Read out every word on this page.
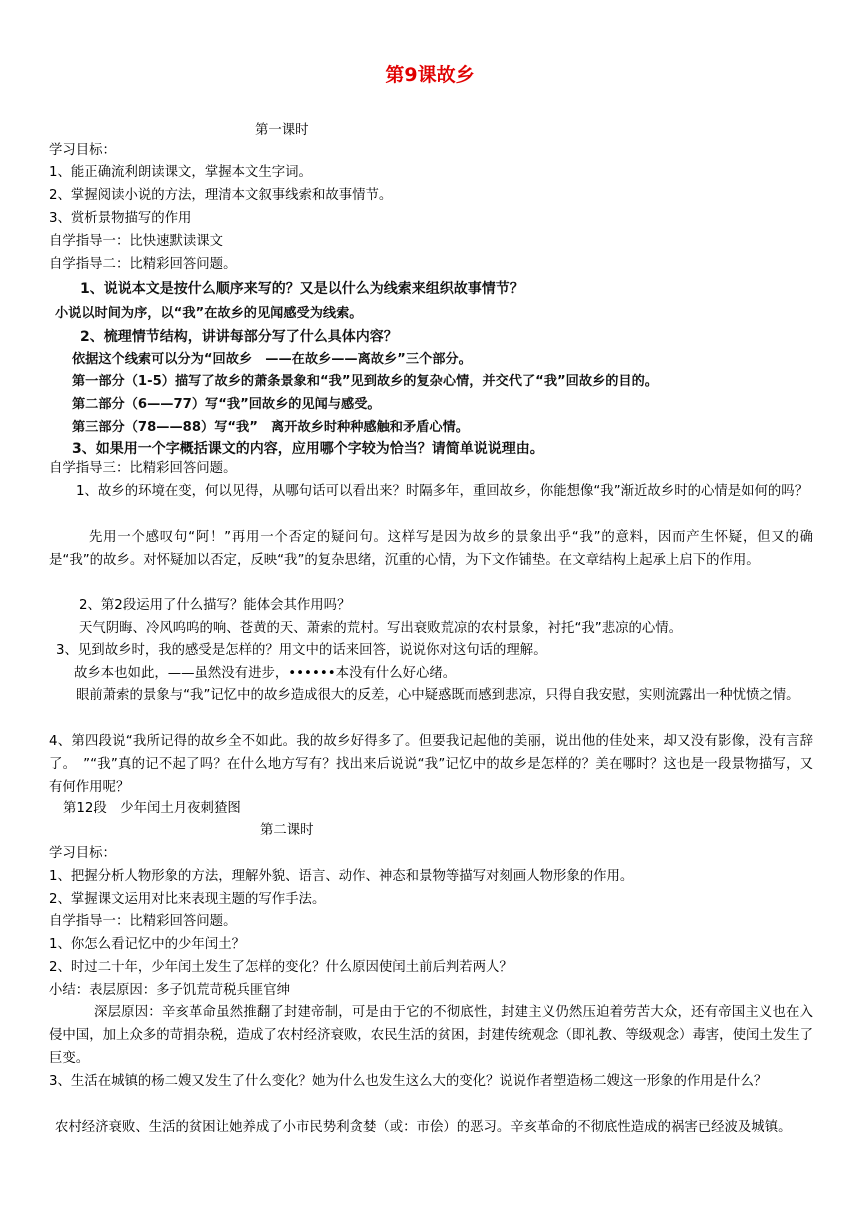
第9课故乡

第一课时

学习目标：

1、能正确流利朗读课文，掌握本文生字词。

2、掌握阅读小说的方法，理清本文叙事线索和故事情节。

3、赏析景物描写的作用

自学指导一：比快速默读课文

自学指导二：比精彩回答问题。

1、说说本文是按什么顺序来写的？又是以什么为线索来组织故事情节？

小说以时间为序，以“我”在故乡的见闻感受为线索。

2、梳理情节结构，讲讲每部分写了什么具体内容？

依据这个线索可以分为“回故乡　——在故乡——离故乡”三个部分。

第一部分（1-5）描写了故乡的萧条景象和“我”见到故乡的复杂心情，并交代了“我”回故乡的目的。

第二部分（6——77）写“我”回故乡的见闻与感受。

第三部分（78——88）写“我”　离开故乡时种种感触和矛盾心情。

3、如果用一个字概括课文的内容，应用哪个字较为恰当？请简单说说理由。

自学指导三：比精彩回答问题。

1、故乡的环境在变，何以见得，从哪句话可以看出来？时隔多年，重回故乡，你能想像“我”渐近故乡时的心情是如何的吗？

先用一个感叹句“阿！”再用一个否定的疑问句。这样写是因为故乡的景象出乎“我”的意料，因而产生怀疑，但又的确是“我”的故乡。对怀疑加以否定，反映“我”的复杂思绪，沉重的心情，为下文作铺垫。在文章结构上起承上启下的作用。

2、第2段运用了什么描写？能体会其作用吗？

天气阴晦、冷风呜呜的响、苍黄的天、萧索的荒村。写出衰败荒凉的农村景象，衬托“我”悲凉的心情。

3、见到故乡时，我的感受是怎样的？用文中的话来回答，说说你对这句话的理解。

故乡本也如此，——虽然没有进步，••••••本没有什么好心绪。

眼前萧索的景象与“我”记忆中的故乡造成很大的反差，心中疑惑既而感到悲凉，只得自我安慰，实则流露出一种忧愤之情。

4、第四段说“我所记得的故乡全不如此。我的故乡好得多了。但要我记起他的美丽，说出他的佳处来，却又没有影像，没有言辞了。　”“我”真的记不起了吗？在什么地方写有？找出来后说说“我”记忆中的故乡是怎样的？美在哪时？这也是一段景物描写，又有何作用呢？

第12段　少年闰土月夜刺猹图

第二课时

学习目标：

1、把握分析人物形象的方法，理解外貌、语言、动作、神态和景物等描写对刻画人物形象的作用。

2、掌握课文运用对比来表现主题的写作手法。

自学指导一：比精彩回答问题。

1、你怎么看记忆中的少年闰土？

2、时过二十年，少年闰土发生了怎样的变化？什么原因使闰土前后判若两人？

小结：表层原因：多子饥荒苛税兵匪官绅

深层原因：辛亥革命虽然推翻了封建帝制，可是由于它的不彻底性，封建主义仍然压迫着劳苦大众，还有帝国主义也在入侵中国，加上众多的苛捐杂税，造成了农村经济衰败，农民生活的贫困，封建传统观念（即礼教、等级观念）毒害，使闰土发生了巨变。

3、生活在城镇的杨二嫂又发生了什么变化？她为什么也发生这么大的变化？说说作者塑造杨二嫂这一形象的作用是什么？

农村经济衰败、生活的贫困让她养成了小市民势利贪婪（或：市侩）的恶习。辛亥革命的不彻底性造成的祸害已经波及城镇。
